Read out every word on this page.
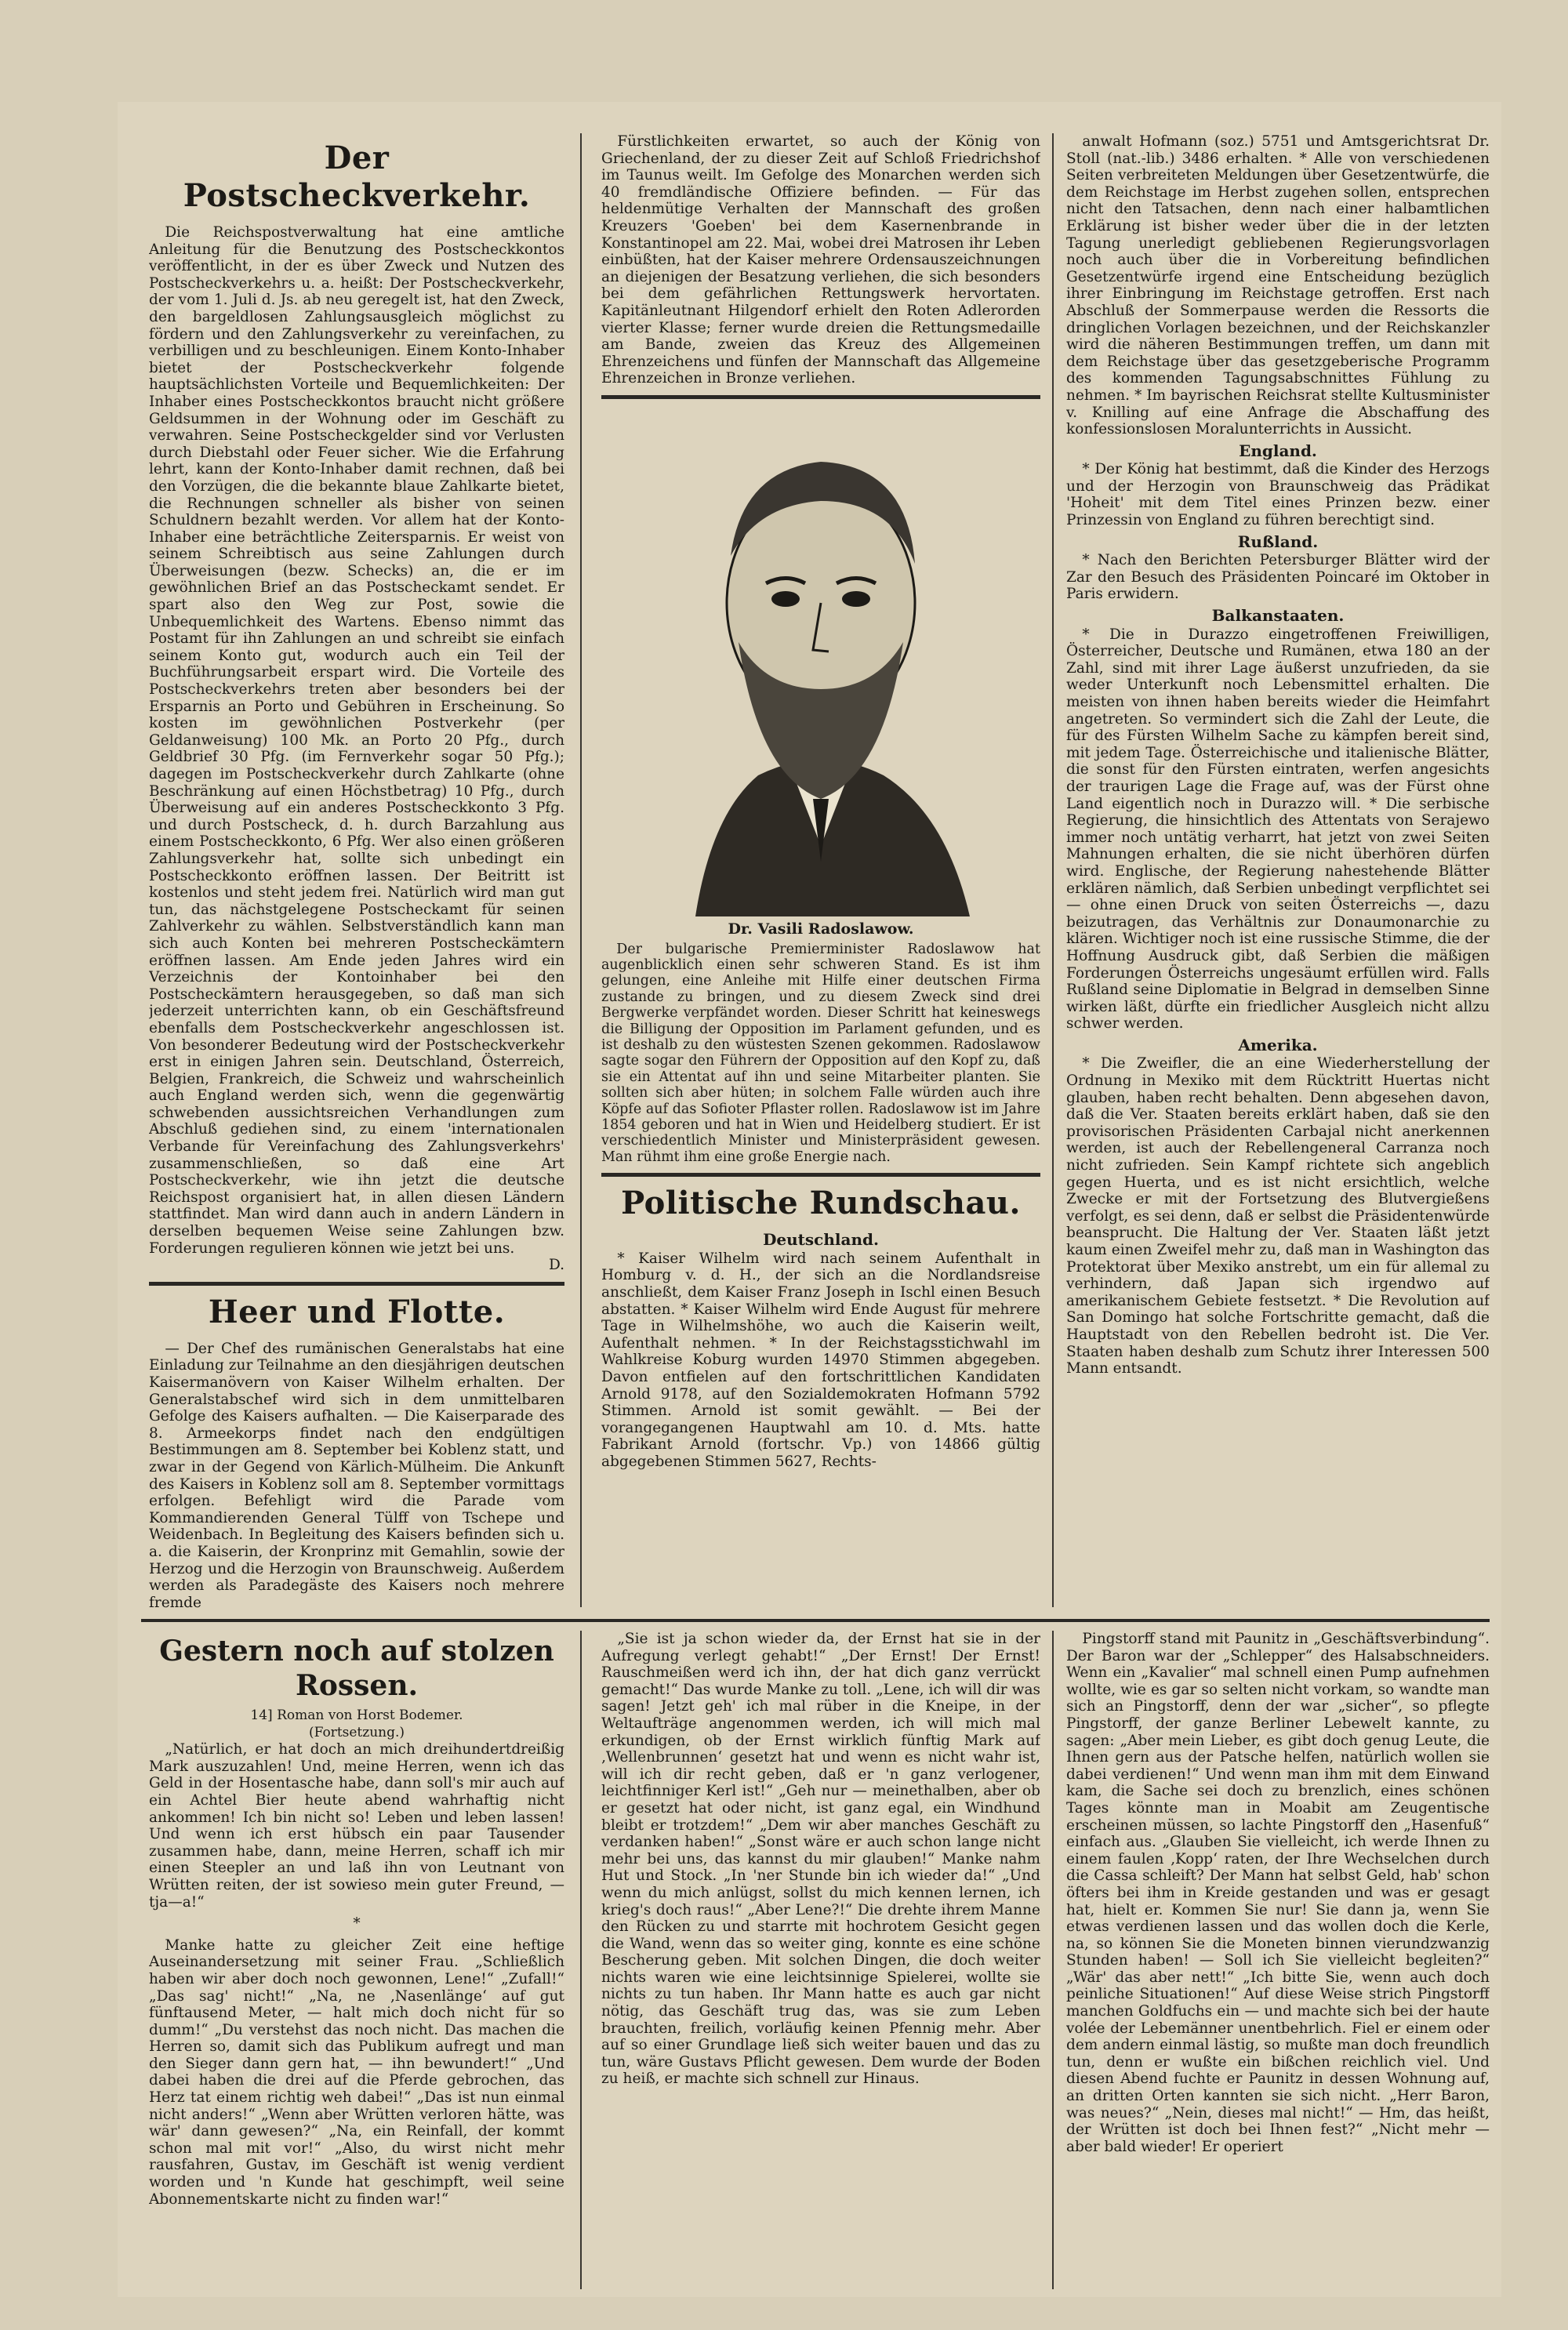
Der Postscheckverkehr.

Die Reichspostverwaltung hat eine amtliche Anleitung für die Benutzung des Postscheckkontos veröffentlicht, in der es über Zweck und Nutzen des Postscheckverkehrs u. a. heißt: Der Postscheckverkehr, der vom 1. Juli d. Js. ab neu geregelt ist, hat den Zweck, den bargeldlosen Zahlungsausgleich möglichst zu fördern und den Zahlungsverkehr zu vereinfachen, zu verbilligen und zu beschleunigen. Einem Konto-Inhaber bietet der Postscheckverkehr folgende hauptsächlichsten Vorteile und Bequemlichkeiten: Der Inhaber eines Postscheckkontos braucht nicht größere Geldsummen in der Wohnung oder im Geschäft zu verwahren. Seine Postscheckgelder sind vor Verlusten durch Diebstahl oder Feuer sicher. Wie die Erfahrung lehrt, kann der Konto-Inhaber damit rechnen, daß bei den Vorzügen, die die bekannte blaue Zahlkarte bietet, die Rechnungen schneller als bisher von seinen Schuldnern bezahlt werden. Vor allem hat der Konto-Inhaber eine beträchtliche Zeitersparnis. Er weist von seinem Schreibtisch aus seine Zahlungen durch Überweisungen (bezw. Schecks) an, die er im gewöhnlichen Brief an das Postscheckamt sendet. Er spart also den Weg zur Post, sowie die Unbequemlichkeit des Wartens. Ebenso nimmt das Postamt für ihn Zahlungen an und schreibt sie einfach seinem Konto gut, wodurch auch ein Teil der Buchführungsarbeit erspart wird. Die Vorteile des Postscheckverkehrs treten aber besonders bei der Ersparnis an Porto und Gebühren in Erscheinung. So kosten im gewöhnlichen Postverkehr (per Geldanweisung) 100 Mk. an Porto 20 Pfg., durch Geldbrief 30 Pfg. (im Fernverkehr sogar 50 Pfg.); dagegen im Postscheckverkehr durch Zahlkarte (ohne Beschränkung auf einen Höchstbetrag) 10 Pfg., durch Überweisung auf ein anderes Postscheckkonto 3 Pfg. und durch Postscheck, d. h. durch Barzahlung aus einem Postscheckkonto, 6 Pfg. Wer also einen größeren Zahlungsverkehr hat, sollte sich unbedingt ein Postscheckkonto eröffnen lassen. Der Beitritt ist kostenlos und steht jedem frei. Natürlich wird man gut tun, das nächstgelegene Postscheckamt für seinen Zahlverkehr zu wählen. Selbstverständlich kann man sich auch Konten bei mehreren Postscheckämtern eröffnen lassen. Am Ende jeden Jahres wird ein Verzeichnis der Kontoinhaber bei den Postscheckämtern herausgegeben, so daß man sich jederzeit unterrichten kann, ob ein Geschäftsfreund ebenfalls dem Postscheckverkehr angeschlossen ist. Von besonderer Bedeutung wird der Postscheckverkehr erst in einigen Jahren sein. Deutschland, Österreich, Belgien, Frankreich, die Schweiz und wahrscheinlich auch England werden sich, wenn die gegenwärtig schwebenden aussichtsreichen Verhandlungen zum Abschluß gediehen sind, zu einem 'internationalen Verbande für Vereinfachung des Zahlungsverkehrs' zusammenschließen, so daß eine Art Postscheckverkehr, wie ihn jetzt die deutsche Reichspost organisiert hat, in allen diesen Ländern stattfindet. Man wird dann auch in andern Ländern in derselben bequemen Weise seine Zahlungen bzw. Forderungen regulieren können wie jetzt bei uns.

D.
Heer und Flotte.

— Der Chef des rumänischen Generalstabs hat eine Einladung zur Teilnahme an den diesjährigen deutschen Kaisermanövern von Kaiser Wilhelm erhalten. Der Generalstabschef wird sich in dem unmittelbaren Gefolge des Kaisers aufhalten. — Die Kaiserparade des 8. Armeekorps findet nach den endgültigen Bestimmungen am 8. September bei Koblenz statt, und zwar in der Gegend von Kärlich-Mülheim. Die Ankunft des Kaisers in Koblenz soll am 8. September vormittags erfolgen. Befehligt wird die Parade vom Kommandierenden General Tülff von Tschepe und Weidenbach. In Begleitung des Kaisers befinden sich u. a. die Kaiserin, der Kronprinz mit Gemahlin, sowie der Herzog und die Herzogin von Braunschweig. Außerdem werden als Paradegäste des Kaisers noch mehrere fremde

Fürstlichkeiten erwartet, so auch der König von Griechenland, der zu dieser Zeit auf Schloß Friedrichshof im Taunus weilt. Im Gefolge des Monarchen werden sich 40 fremdländische Offiziere befinden. — Für das heldenmütige Verhalten der Mannschaft des großen Kreuzers 'Goeben' bei dem Kasernenbrande in Konstantinopel am 22. Mai, wobei drei Matrosen ihr Leben einbüßten, hat der Kaiser mehrere Ordensauszeichnungen an diejenigen der Besatzung verliehen, die sich besonders bei dem gefährlichen Rettungswerk hervortaten. Kapitänleutnant Hilgendorf erhielt den Roten Adlerorden vierter Klasse; ferner wurde dreien die Rettungsmedaille am Bande, zweien das Kreuz des Allgemeinen Ehrenzeichens und fünfen der Mannschaft das Allgemeine Ehrenzeichen in Bronze verliehen.

Dr. Vasili Radoslawow.

Der bulgarische Premierminister Radoslawow hat augenblicklich einen sehr schweren Stand. Es ist ihm gelungen, eine Anleihe mit Hilfe einer deutschen Firma zustande zu bringen, und zu diesem Zweck sind drei Bergwerke verpfändet worden. Dieser Schritt hat keineswegs die Billigung der Opposition im Parlament gefunden, und es ist deshalb zu den wüstesten Szenen gekommen. Radoslawow sagte sogar den Führern der Opposition auf den Kopf zu, daß sie ein Attentat auf ihn und seine Mitarbeiter planten. Sie sollten sich aber hüten; in solchem Falle würden auch ihre Köpfe auf das Sofioter Pflaster rollen. Radoslawow ist im Jahre 1854 geboren und hat in Wien und Heidelberg studiert. Er ist verschiedentlich Minister und Ministerpräsident gewesen. Man rühmt ihm eine große Energie nach.

Politische Rundschau.
Deutschland.

* Kaiser Wilhelm wird nach seinem Aufenthalt in Homburg v. d. H., der sich an die Nordlandsreise anschließt, dem Kaiser Franz Joseph in Ischl einen Besuch abstatten. * Kaiser Wilhelm wird Ende August für mehrere Tage in Wilhelmshöhe, wo auch die Kaiserin weilt, Aufenthalt nehmen. * In der Reichstagsstichwahl im Wahlkreise Koburg wurden 14970 Stimmen abgegeben. Davon entfielen auf den fortschrittlichen Kandidaten Arnold 9178, auf den Sozialdemokraten Hofmann 5792 Stimmen. Arnold ist somit gewählt. — Bei der vorangegangenen Hauptwahl am 10. d. Mts. hatte Fabrikant Arnold (fortschr. Vp.) von 14866 gültig abgegebenen Stimmen 5627, Rechts-

anwalt Hofmann (soz.) 5751 und Amtsgerichtsrat Dr. Stoll (nat.-lib.) 3486 erhalten. * Alle von verschiedenen Seiten verbreiteten Meldungen über Gesetzentwürfe, die dem Reichstage im Herbst zugehen sollen, entsprechen nicht den Tatsachen, denn nach einer halbamtlichen Erklärung ist bisher weder über die in der letzten Tagung unerledigt gebliebenen Regierungsvorlagen noch auch über die in Vorbereitung befindlichen Gesetzentwürfe irgend eine Entscheidung bezüglich ihrer Einbringung im Reichstage getroffen. Erst nach Abschluß der Sommerpause werden die Ressorts die dringlichen Vorlagen bezeichnen, und der Reichskanzler wird die näheren Bestimmungen treffen, um dann mit dem Reichstage über das gesetzgeberische Programm des kommenden Tagungsabschnittes Fühlung zu nehmen. * Im bayrischen Reichsrat stellte Kultusminister v. Knilling auf eine Anfrage die Abschaffung des konfessionslosen Moralunterrichts in Aussicht.

England.

* Der König hat bestimmt, daß die Kinder des Herzogs und der Herzogin von Braunschweig das Prädikat 'Hoheit' mit dem Titel eines Prinzen bezw. einer Prinzessin von England zu führen berechtigt sind.

Rußland.

* Nach den Berichten Petersburger Blätter wird der Zar den Besuch des Präsidenten Poincaré im Oktober in Paris erwidern.

Balkanstaaten.

* Die in Durazzo eingetroffenen Freiwilligen, Österreicher, Deutsche und Rumänen, etwa 180 an der Zahl, sind mit ihrer Lage äußerst unzufrieden, da sie weder Unterkunft noch Lebensmittel erhalten. Die meisten von ihnen haben bereits wieder die Heimfahrt angetreten. So vermindert sich die Zahl der Leute, die für des Fürsten Wilhelm Sache zu kämpfen bereit sind, mit jedem Tage. Österreichische und italienische Blätter, die sonst für den Fürsten eintraten, werfen angesichts der traurigen Lage die Frage auf, was der Fürst ohne Land eigentlich noch in Durazzo will. * Die serbische Regierung, die hinsichtlich des Attentats von Serajewo immer noch untätig verharrt, hat jetzt von zwei Seiten Mahnungen erhalten, die sie nicht überhören dürfen wird. Englische, der Regierung nahestehende Blätter erklären nämlich, daß Serbien unbedingt verpflichtet sei — ohne einen Druck von seiten Österreichs —, dazu beizutragen, das Verhältnis zur Donaumonarchie zu klären. Wichtiger noch ist eine russische Stimme, die der Hoffnung Ausdruck gibt, daß Serbien die mäßigen Forderungen Österreichs ungesäumt erfüllen wird. Falls Rußland seine Diplomatie in Belgrad in demselben Sinne wirken läßt, dürfte ein friedlicher Ausgleich nicht allzu schwer werden.

Amerika.

* Die Zweifler, die an eine Wiederherstellung der Ordnung in Mexiko mit dem Rücktritt Huertas nicht glauben, haben recht behalten. Denn abgesehen davon, daß die Ver. Staaten bereits erklärt haben, daß sie den provisorischen Präsidenten Carbajal nicht anerkennen werden, ist auch der Rebellengeneral Carranza noch nicht zufrieden. Sein Kampf richtete sich angeblich gegen Huerta, und es ist nicht ersichtlich, welche Zwecke er mit der Fortsetzung des Blutvergießens verfolgt, es sei denn, daß er selbst die Präsidentenwürde beansprucht. Die Haltung der Ver. Staaten läßt jetzt kaum einen Zweifel mehr zu, daß man in Washington das Protektorat über Mexiko anstrebt, um ein für allemal zu verhindern, daß Japan sich irgendwo auf amerikanischem Gebiete festsetzt. * Die Revolution auf San Domingo hat solche Fortschritte gemacht, daß die Hauptstadt von den Rebellen bedroht ist. Die Ver. Staaten haben deshalb zum Schutz ihrer Interessen 500 Mann entsandt.

Gestern noch auf stolzen Rossen.
14] Roman von Horst Bodemer.
(Fortsetzung.)

„Natürlich, er hat doch an mich dreihundertdreißig Mark auszuzahlen! Und, meine Herren, wenn ich das Geld in der Hosentasche habe, dann soll's mir auch auf ein Achtel Bier heute abend wahrhaftig nicht ankommen! Ich bin nicht so! Leben und leben lassen! Und wenn ich erst hübsch ein paar Tausender zusammen habe, dann, meine Herren, schaff ich mir einen Steepler an und laß ihn von Leutnant von Wrütten reiten, der ist sowieso mein guter Freund, — tja—a!“

*

Manke hatte zu gleicher Zeit eine heftige Auseinandersetzung mit seiner Frau. „Schließlich haben wir aber doch noch gewonnen, Lene!“ „Zufall!“ „Das sag' nicht!“ „Na, ne ‚Nasenlänge‘ auf gut fünftausend Meter, — halt mich doch nicht für so dumm!“ „Du verstehst das noch nicht. Das machen die Herren so, damit sich das Publikum aufregt und man den Sieger dann gern hat, — ihn bewundert!“ „Und dabei haben die drei auf die Pferde gebrochen, das Herz tat einem richtig weh dabei!“ „Das ist nun einmal nicht anders!“ „Wenn aber Wrütten verloren hätte, was wär' dann gewesen?“ „Na, ein Reinfall, der kommt schon mal mit vor!“ „Also, du wirst nicht mehr rausfahren, Gustav, im Geschäft ist wenig verdient worden und 'n Kunde hat geschimpft, weil seine Abonnementskarte nicht zu finden war!“

„Sie ist ja schon wieder da, der Ernst hat sie in der Aufregung verlegt gehabt!“ „Der Ernst! Der Ernst! Rauschmeißen werd ich ihn, der hat dich ganz verrückt gemacht!“ Das wurde Manke zu toll. „Lene, ich will dir was sagen! Jetzt geh' ich mal rüber in die Kneipe, in der Weltaufträge angenommen werden, ich will mich mal erkundigen, ob der Ernst wirklich fünftig Mark auf ‚Wellenbrunnen‘ gesetzt hat und wenn es nicht wahr ist, will ich dir recht geben, daß er 'n ganz verlogener, leichtfinniger Kerl ist!“ „Geh nur — meinethalben, aber ob er gesetzt hat oder nicht, ist ganz egal, ein Windhund bleibt er trotzdem!“ „Dem wir aber manches Geschäft zu verdanken haben!“ „Sonst wäre er auch schon lange nicht mehr bei uns, das kannst du mir glauben!“ Manke nahm Hut und Stock. „In 'ner Stunde bin ich wieder da!“ „Und wenn du mich anlügst, sollst du mich kennen lernen, ich krieg's doch raus!“ „Aber Lene?!“ Die drehte ihrem Manne den Rücken zu und starrte mit hochrotem Gesicht gegen die Wand, wenn das so weiter ging, konnte es eine schöne Bescherung geben. Mit solchen Dingen, die doch weiter nichts waren wie eine leichtsinnige Spielerei, wollte sie nichts zu tun haben. Ihr Mann hatte es auch gar nicht nötig, das Geschäft trug das, was sie zum Leben brauchten, freilich, vorläufig keinen Pfennig mehr. Aber auf so einer Grundlage ließ sich weiter bauen und das zu tun, wäre Gustavs Pflicht gewesen. Dem wurde der Boden zu heiß, er machte sich schnell zur Hinaus.

Pingstorff stand mit Paunitz in „Geschäftsverbindung“. Der Baron war der „Schlepper“ des Halsabschneiders. Wenn ein „Kavalier“ mal schnell einen Pump aufnehmen wollte, wie es gar so selten nicht vorkam, so wandte man sich an Pingstorff, denn der war „sicher“, so pflegte Pingstorff, der ganze Berliner Lebewelt kannte, zu sagen: „Aber mein Lieber, es gibt doch genug Leute, die Ihnen gern aus der Patsche helfen, natürlich wollen sie dabei verdienen!“ Und wenn man ihm mit dem Einwand kam, die Sache sei doch zu brenzlich, eines schönen Tages könnte man in Moabit am Zeugentische erscheinen müssen, so lachte Pingstorff den „Hasenfuß“ einfach aus. „Glauben Sie vielleicht, ich werde Ihnen zu einem faulen ‚Kopp‘ raten, der Ihre Wechselchen durch die Cassa schleift? Der Mann hat selbst Geld, hab' schon öfters bei ihm in Kreide gestanden und was er gesagt hat, hielt er. Kommen Sie nur! Sie dann ja, wenn Sie etwas verdienen lassen und das wollen doch die Kerle, na, so können Sie die Moneten binnen vierundzwanzig Stunden haben! — Soll ich Sie vielleicht begleiten?“ „Wär' das aber nett!“ „Ich bitte Sie, wenn auch doch peinliche Situationen!“ Auf diese Weise strich Pingstorff manchen Goldfuchs ein — und machte sich bei der haute volée der Lebemänner unentbehrlich. Fiel er einem oder dem andern einmal lästig, so mußte man doch freundlich tun, denn er wußte ein bißchen reichlich viel. Und diesen Abend fuchte er Paunitz in dessen Wohnung auf, an dritten Orten kannten sie sich nicht. „Herr Baron, was neues?“ „Nein, dieses mal nicht!“ — Hm, das heißt, der Wrütten ist doch bei Ihnen fest?“ „Nicht mehr — aber bald wieder! Er operiert
